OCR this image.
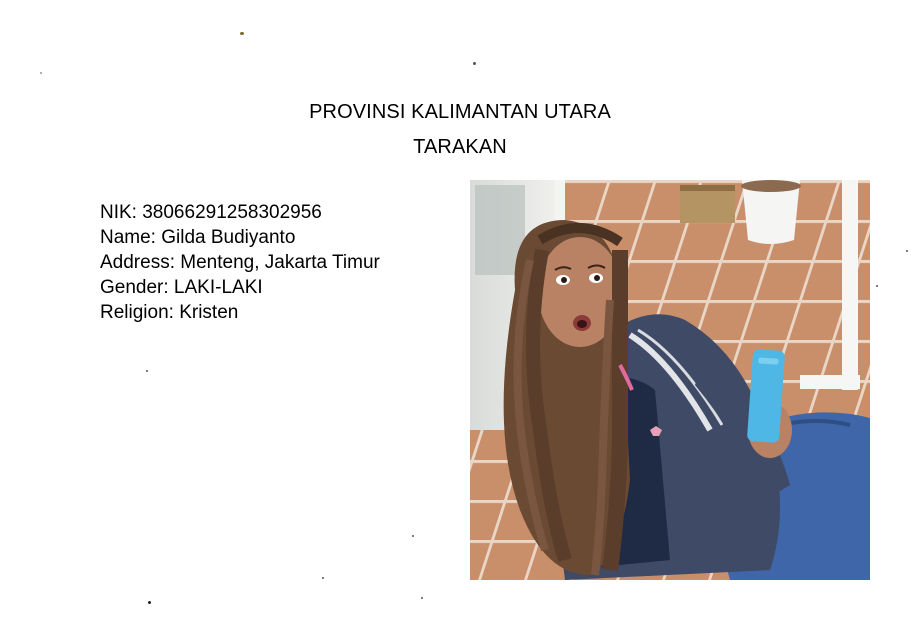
PROVINSI KALIMANTAN UTARA
TARAKAN
NIK: 38066291258302956
Name: Gilda Budiyanto
Address: Menteng, Jakarta Timur
Gender: LAKI-LAKI
Religion: Kristen
